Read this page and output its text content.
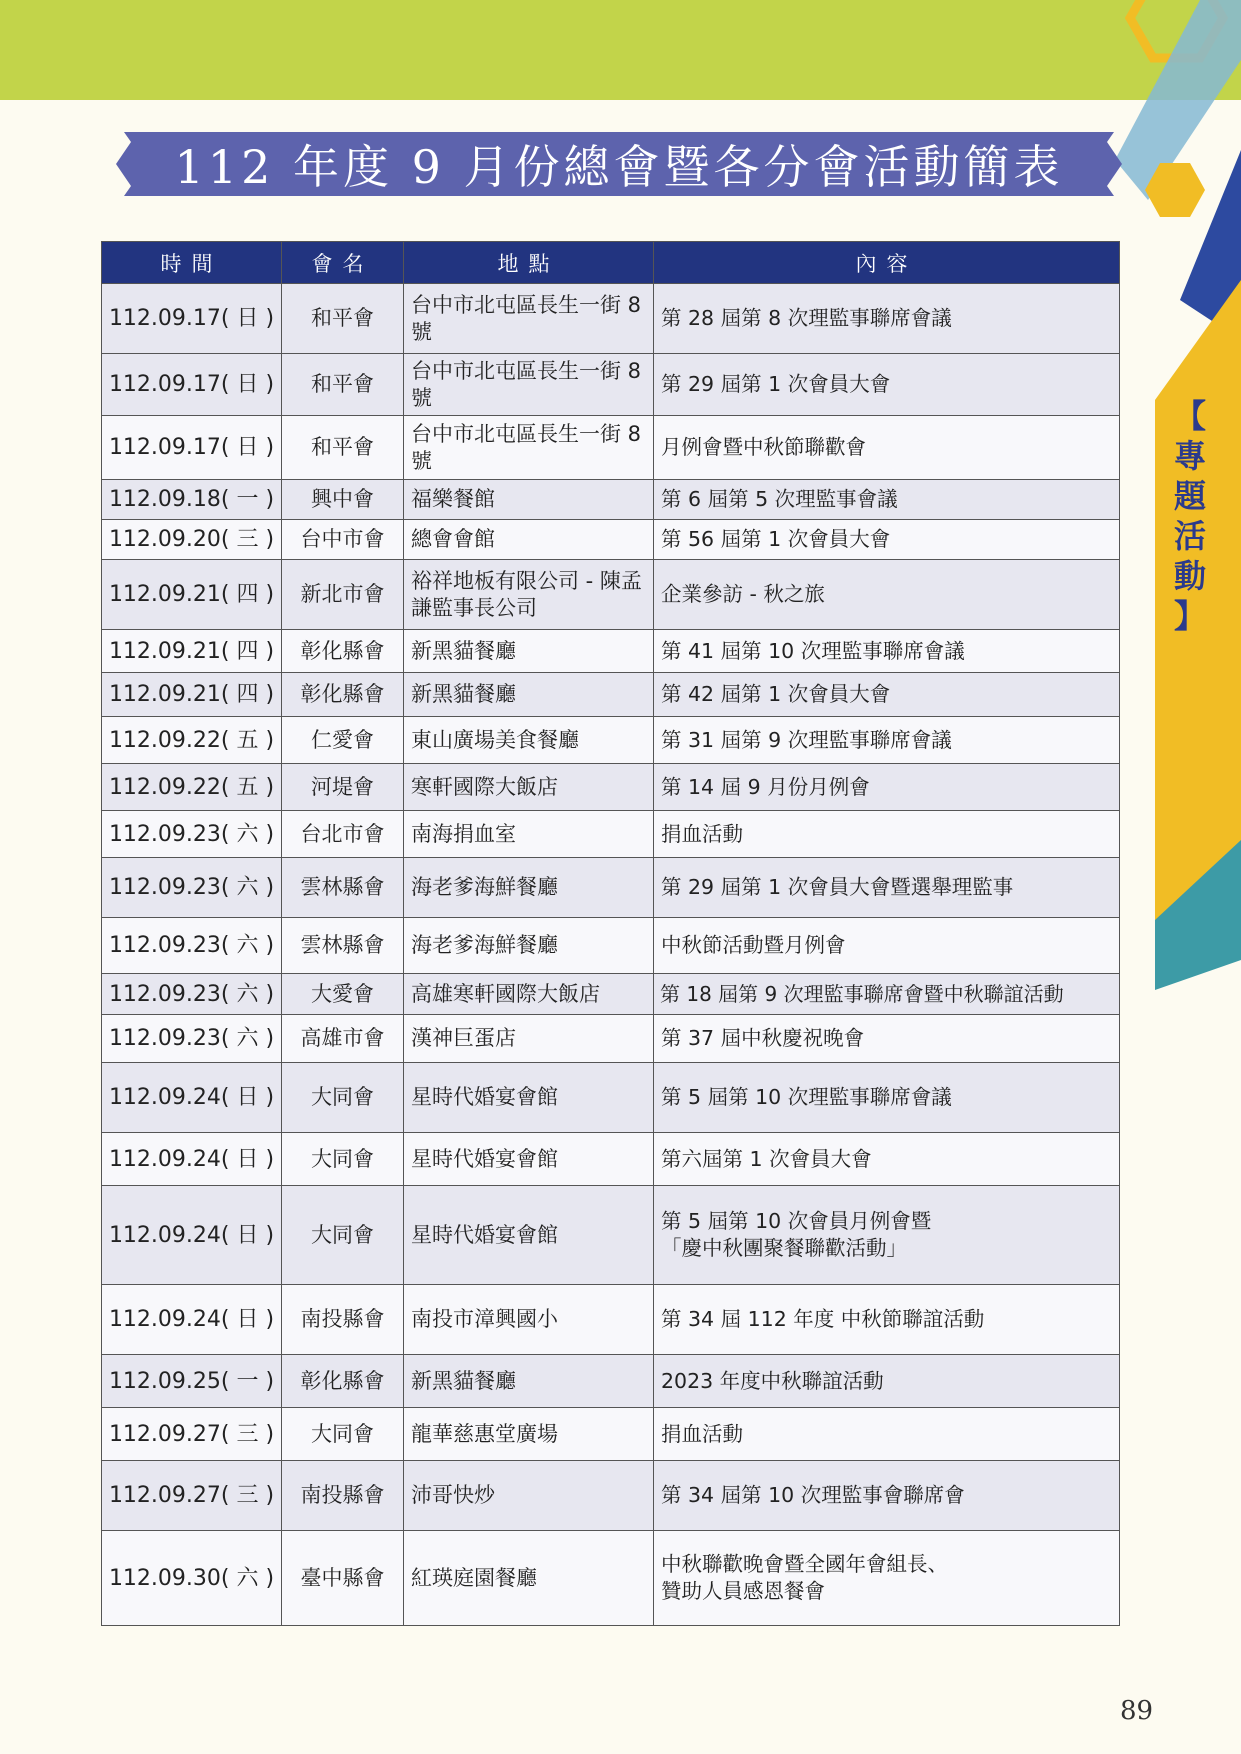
112 年度 9 月份總會暨各分會活動簡表
【
專
題
活
動
】
時間	會名	地點	內容
112.09.17( 日 )	和平會	台中市北屯區長生一街 8 號	第 28 屆第 8 次理監事聯席會議
112.09.17( 日 )	和平會	台中市北屯區長生一街 8 號	第 29 屆第 1 次會員大會
112.09.17( 日 )	和平會	台中市北屯區長生一街 8 號	月例會暨中秋節聯歡會
112.09.18( 一 )	興中會	福樂餐館	第 6 屆第 5 次理監事會議
112.09.20( 三 )	台中市會	總會會館	第 56 屆第 1 次會員大會
112.09.21( 四 )	新北市會	裕祥地板有限公司 - 陳孟謙監事長公司	企業參訪 - 秋之旅
112.09.21( 四 )	彰化縣會	新黑貓餐廳	第 41 屆第 10 次理監事聯席會議
112.09.21( 四 )	彰化縣會	新黑貓餐廳	第 42 屆第 1 次會員大會
112.09.22( 五 )	仁愛會	東山廣場美食餐廳	第 31 屆第 9 次理監事聯席會議
112.09.22( 五 )	河堤會	寒軒國際大飯店	第 14 屆 9 月份月例會
112.09.23( 六 )	台北市會	南海捐血室	捐血活動
112.09.23( 六 )	雲林縣會	海老爹海鮮餐廳	第 29 屆第 1 次會員大會暨選舉理監事
112.09.23( 六 )	雲林縣會	海老爹海鮮餐廳	中秋節活動暨月例會
112.09.23( 六 )	大愛會	高雄寒軒國際大飯店	第 18 屆第 9 次理監事聯席會暨中秋聯誼活動
112.09.23( 六 )	高雄市會	漢神巨蛋店	第 37 屆中秋慶祝晚會
112.09.24( 日 )	大同會	星時代婚宴會館	第 5 屆第 10 次理監事聯席會議
112.09.24( 日 )	大同會	星時代婚宴會館	第六屆第 1 次會員大會
112.09.24( 日 )	大同會	星時代婚宴會館	第 5 屆第 10 次會員月例會暨
「慶中秋團聚餐聯歡活動」
112.09.24( 日 )	南投縣會	南投市漳興國小	第 34 屆 112 年度 中秋節聯誼活動
112.09.25( 一 )	彰化縣會	新黑貓餐廳	2023 年度中秋聯誼活動
112.09.27( 三 )	大同會	龍華慈惠堂廣場	捐血活動
112.09.27( 三 )	南投縣會	沛哥快炒	第 34 屆第 10 次理監事會聯席會
112.09.30( 六 )	臺中縣會	紅瑛庭園餐廳	中秋聯歡晚會暨全國年會組長、
贊助人員感恩餐會
89
